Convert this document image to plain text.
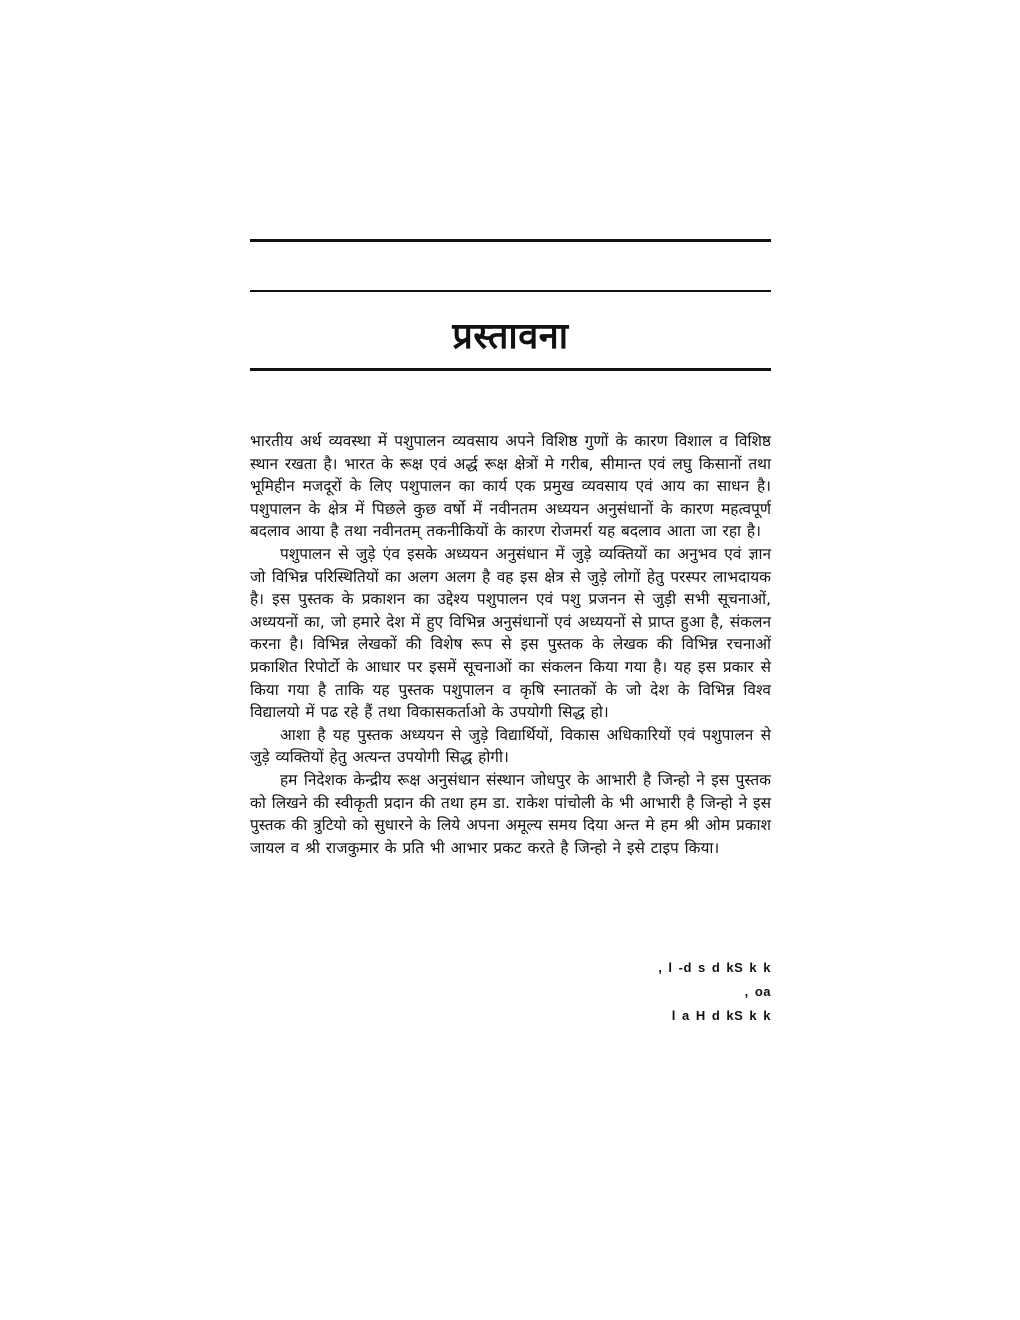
प्रस्तावना

भारतीय अर्थ व्यवस्था में पशुपालन व्यवसाय अपने विशिष्ठ गुणों के कारण विशाल व विशिष्ठ स्थान रखता है। भारत के रूक्ष एवं अर्द्ध रूक्ष क्षेत्रों मे गरीब, सीमान्त एवं लघु किसानों तथा भूमिहीन मजदूरों के लिए पशुपालन का कार्य एक प्रमुख व्यवसाय एवं आय का साधन है। पशुपालन के क्षेत्र में पिछले कुछ वर्षो में नवीनतम अध्ययन अनुसंधानों के कारण महत्वपूर्ण बदलाव आया है तथा नवीनतम् तकनीकियों के कारण रोजमर्रा यह बदलाव आता जा रहा है।

पशुपालन से जुड़े एंव इसके अध्ययन अनुसंधान में जुड़े व्यक्तियों का अनुभव एवं ज्ञान जो विभिन्न परिस्थितियों का अलग अलग है वह इस क्षेत्र से जुड़े लोगों हेतु परस्पर लाभदायक है। इस पुस्तक के प्रकाशन का उद्देश्य पशुपालन एवं पशु प्रजनन से जुड़ी सभी सूचनाओं, अध्ययनों का, जो हमारे देश में हुए विभिन्न अनुसंधानों एवं अध्ययनों से प्राप्त हुआ है, संकलन करना है। विभिन्न लेखकों की विशेष रूप से इस पुस्तक के लेखक की विभिन्न रचनाओं प्रकाशित रिपोर्टो के आधार पर इसमें सूचनाओं का संकलन किया गया है। यह इस प्रकार से किया गया है ताकि यह पुस्तक पशुपालन व कृषि स्नातकों के जो देश के विभिन्न विश्व विद्यालयो में पढ रहे हैं तथा विकासकर्ताओ के उपयोगी सिद्ध हो।

आशा है यह पुस्तक अध्ययन से जुड़े विद्यार्थियों, विकास अधिकारियों एवं पशुपालन से जुड़े व्यक्तियों हेतु अत्यन्त उपयोगी सिद्ध होगी।

हम निदेशक केन्द्रीय रूक्ष अनुसंधान संस्थान जोधपुर के आभारी है जिन्हो ने इस पुस्तक को लिखने की स्वीकृती प्रदान की तथा हम डा. राकेश पांचोली के भी आभारी है जिन्हो ने इस पुस्तक की त्रुटियो को सुधारने के लिये अपना अमूल्य समय दिया अन्त मे हम श्री ओम प्रकाश जायल व श्री राजकुमार के प्रति भी आभार प्रकट करते है जिन्हो ने इसे टाइप किया।

, l -d s d kS k k
, oa
l a H d kS k k
